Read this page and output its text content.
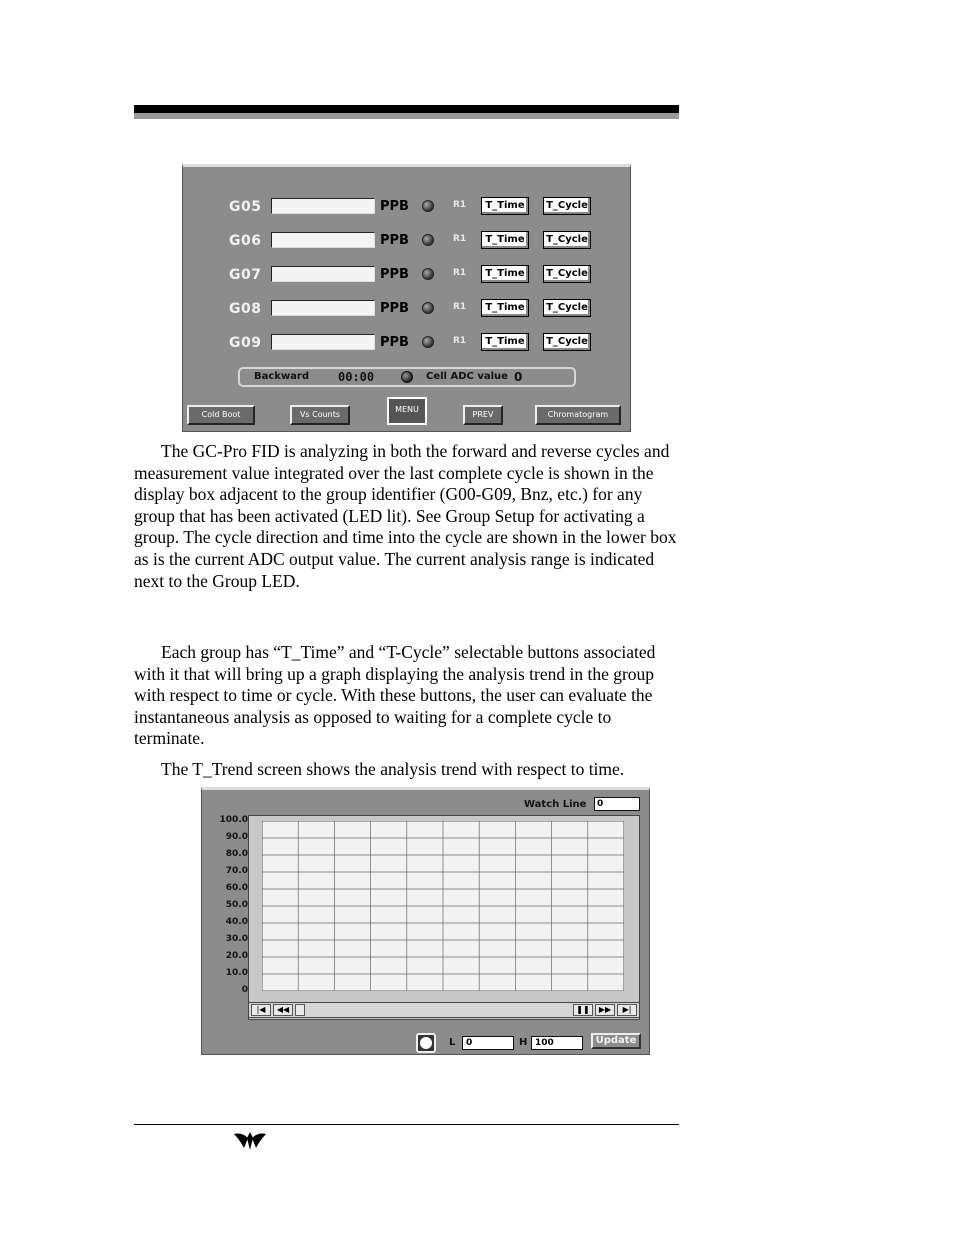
G05	PPB	R1	T_Time	T_Cycle
G06	PPB	R1	T_Time	T_Cycle
G07	PPB	R1	T_Time	T_Cycle
G08	PPB	R1	T_Time	T_Cycle
G09	PPB	R1	T_Time	T_Cycle
Backward 00:00	Cell ADC value 0
Cold Boot	Vs Counts
MENU
PREV	Chromatogram

The GC-Pro FID is analyzing in both the forward and reverse cycles and measurement value integrated over the last complete cycle is shown in the display box adjacent to the group identifier (G00-G09, Bnz, etc.) for any group that has been activated (LED lit). See Group Setup for activating a group. The cycle direction and time into the cycle are shown in the lower box as is the current ADC output value. The current analysis range is indicated next to the Group LED.

Each group has “T_Time” and “T-Cycle” selectable buttons associated with it that will bring up a graph displaying the analysis trend in the group with respect to time or cycle. With these buttons, the user can evaluate the instantaneous analysis as opposed to waiting for a complete cycle to terminate.

The T_Trend screen shows the analysis trend with respect to time.

Watch Line	0
100.0
90.0
80.0
70.0
60.0
50.0
40.0
30.0
20.0
10.0
0
|◀	◀◀	❚❚	▶▶	▶|
L	0	H 100	Update
